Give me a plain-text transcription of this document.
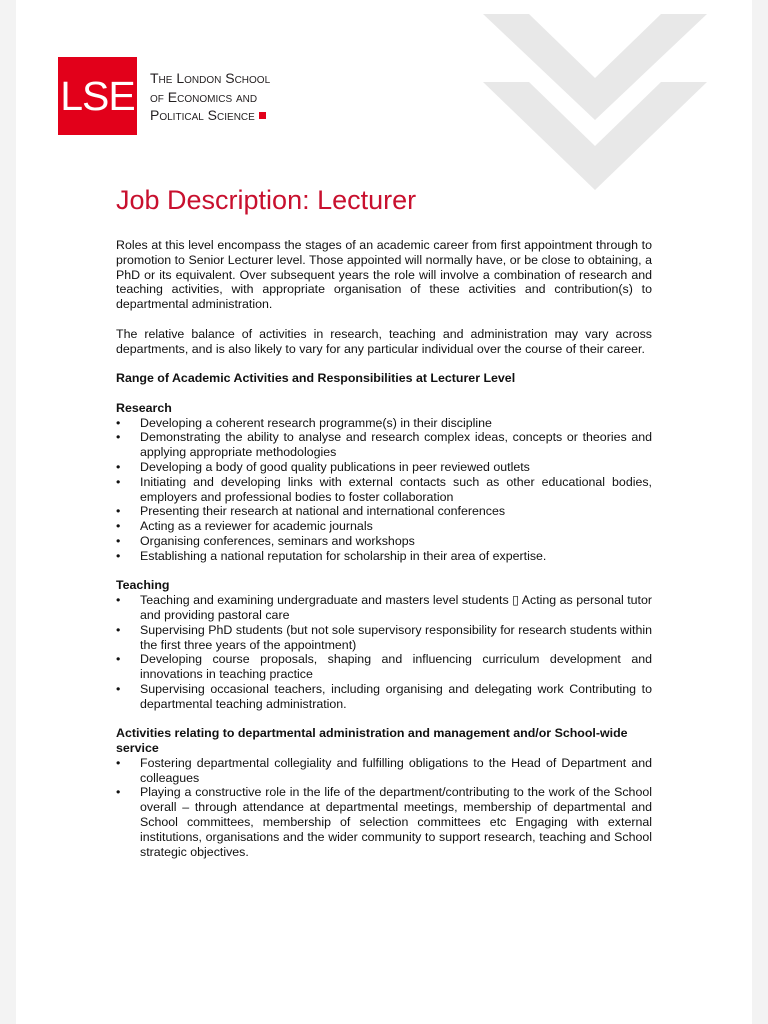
LSE The London School
of Economics and
Political Science
Job Description: Lecturer

Roles at this level encompass the stages of an academic career from first appointment through to promotion to Senior Lecturer level. Those appointed will normally have, or be close to obtaining, a PhD or its equivalent. Over subsequent years the role will involve a combination of research and teaching activities, with appropriate organisation of these activities and contribution(s) to departmental administration.

The relative balance of activities in research, teaching and administration may vary across departments, and is also likely to vary for any particular individual over the course of their career.

Range of Academic Activities and Responsibilities at Lecturer Level

Research

• Developing a coherent research programme(s) in their discipline
• Demonstrating the ability to analyse and research complex ideas, concepts or theories and applying appropriate methodologies
• Developing a body of good quality publications in peer reviewed outlets
• Initiating and developing links with external contacts such as other educational bodies, employers and professional bodies to foster collaboration
• Presenting their research at national and international conferences
• Acting as a reviewer for academic journals
• Organising conferences, seminars and workshops
• Establishing a national reputation for scholarship in their area of expertise.

Teaching

• Teaching and examining undergraduate and masters level students ▯ Acting as personal tutor and providing pastoral care
• Supervising PhD students (but not sole supervisory responsibility for research students within the first three years of the appointment)
• Developing course proposals, shaping and influencing curriculum development and innovations in teaching practice
• Supervising occasional teachers, including organising and delegating work Contributing to departmental teaching administration.

Activities relating to departmental administration and management and/or School-wide service

• Fostering departmental collegiality and fulfilling obligations to the Head of Department and colleagues
• Playing a constructive role in the life of the department/contributing to the work of the School overall – through attendance at departmental meetings, membership of departmental and School committees, membership of selection committees etc Engaging with external institutions, organisations and the wider community to support research, teaching and School strategic objectives.
